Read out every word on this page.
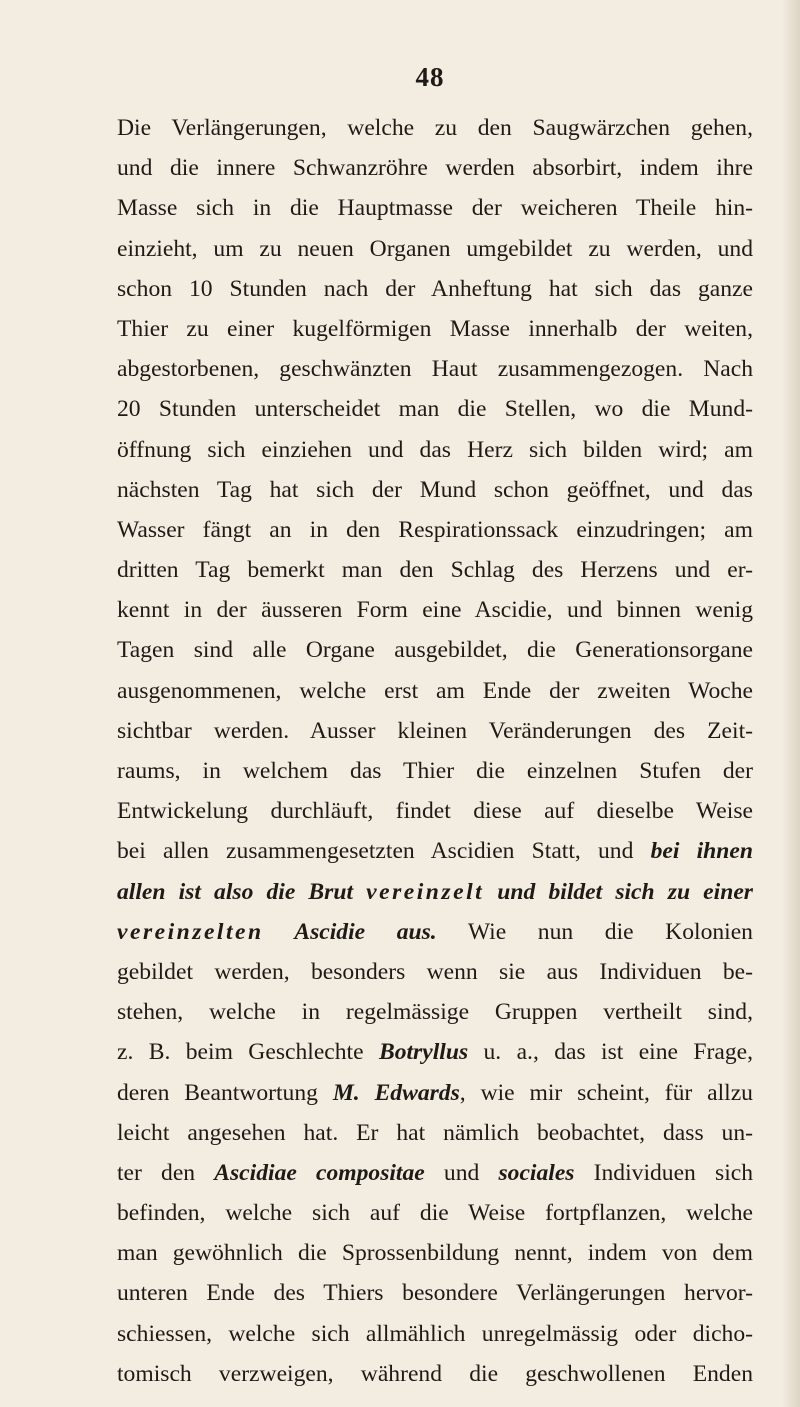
48
Die Verlängerungen, welche zu den Saugwärzchen gehen,
und die innere Schwanzröhre werden absorbirt, indem ihre
Masse sich in die Hauptmasse der weicheren Theile hin-
einzieht, um zu neuen Organen umgebildet zu werden, und
schon 10 Stunden nach der Anheftung hat sich das ganze
Thier zu einer kugelförmigen Masse innerhalb der weiten,
abgestorbenen, geschwänzten Haut zusammengezogen. Nach
20 Stunden unterscheidet man die Stellen, wo die Mund-
öffnung sich einziehen und das Herz sich bilden wird; am
nächsten Tag hat sich der Mund schon geöffnet, und das
Wasser fängt an in den Respirationssack einzudringen; am
dritten Tag bemerkt man den Schlag des Herzens und er-
kennt in der äusseren Form eine Ascidie, und binnen wenig
Tagen sind alle Organe ausgebildet, die Generationsorgane
ausgenommenen, welche erst am Ende der zweiten Woche
sichtbar werden. Ausser kleinen Veränderungen des Zeit-
raums, in welchem das Thier die einzelnen Stufen der
Entwickelung durchläuft, findet diese auf dieselbe Weise
bei allen zusammengesetzten Ascidien Statt, und bei ihnen
allen ist also die Brut vereinzelt und bildet sich zu einer
vereinzelten Ascidie aus. Wie nun die Kolonien
gebildet werden, besonders wenn sie aus Individuen be-
stehen, welche in regelmässige Gruppen vertheilt sind,
z. B. beim Geschlechte Botryllus u. a., das ist eine Frage,
deren Beantwortung M. Edwards, wie mir scheint, für allzu
leicht angesehen hat. Er hat nämlich beobachtet, dass un-
ter den Ascidiae compositae und sociales Individuen sich
befinden, welche sich auf die Weise fortpflanzen, welche
man gewöhnlich die Sprossenbildung nennt, indem von dem
unteren Ende des Thiers besondere Verlängerungen hervor-
schiessen, welche sich allmählich unregelmässig oder dicho-
tomisch verzweigen, während die geschwollenen Enden
